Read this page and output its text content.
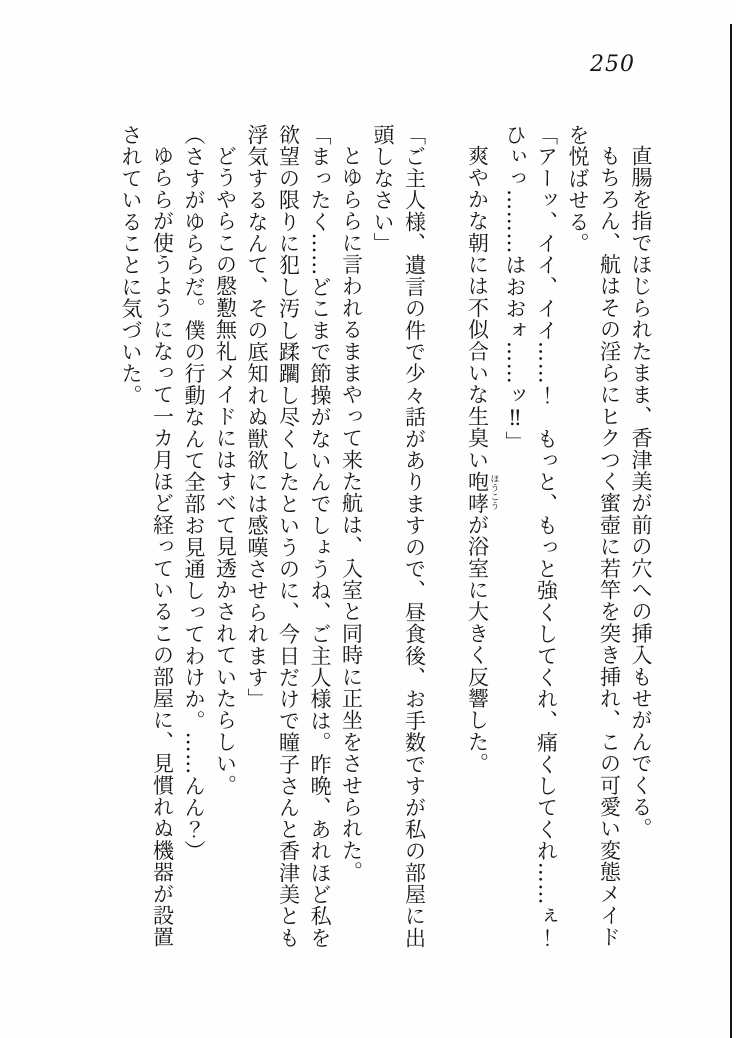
250

直腸を指でほじられたまま、香津美が前の穴への挿入もせがんでくる。

もちろん、航はその淫らにヒクつく蜜壺に若竿を突き挿れ、この可愛い変態メイドを悦ばせる。

「アーッ、イイ、イイ……！　もっと、もっと強くしてくれ、痛くしてくれ……ぇ！ひぃっ………はおおォ……ッ‼」

爽やかな朝には不似合いな生臭い咆哮 ほうこうが浴室に大きく反響した。

「ご主人様、遺言の件で少々話がありますので、昼食後、お手数ですが私の部屋に出頭しなさい」

とゆららに言われるままやって来た航は、入室と同時に正坐をさせられた。

「まったく……どこまで節操がないんでしょうね、ご主人様は。昨晩、あれほど私を欲望の限りに犯し汚し蹂躙し尽くしたというのに、今日だけで瞳子さんと香津美とも浮気するなんて、その底知れぬ獣欲には感嘆させられます」

どうやらこの慇懃無礼メイドにはすべて見透かされていたらしい。

（さすがゆららだ。僕の行動なんて全部お見通しってわけか。……んん？）

ゆららが使うようになって一カ月ほど経っているこの部屋に、見慣れぬ機器が設置されていることに気づいた。
